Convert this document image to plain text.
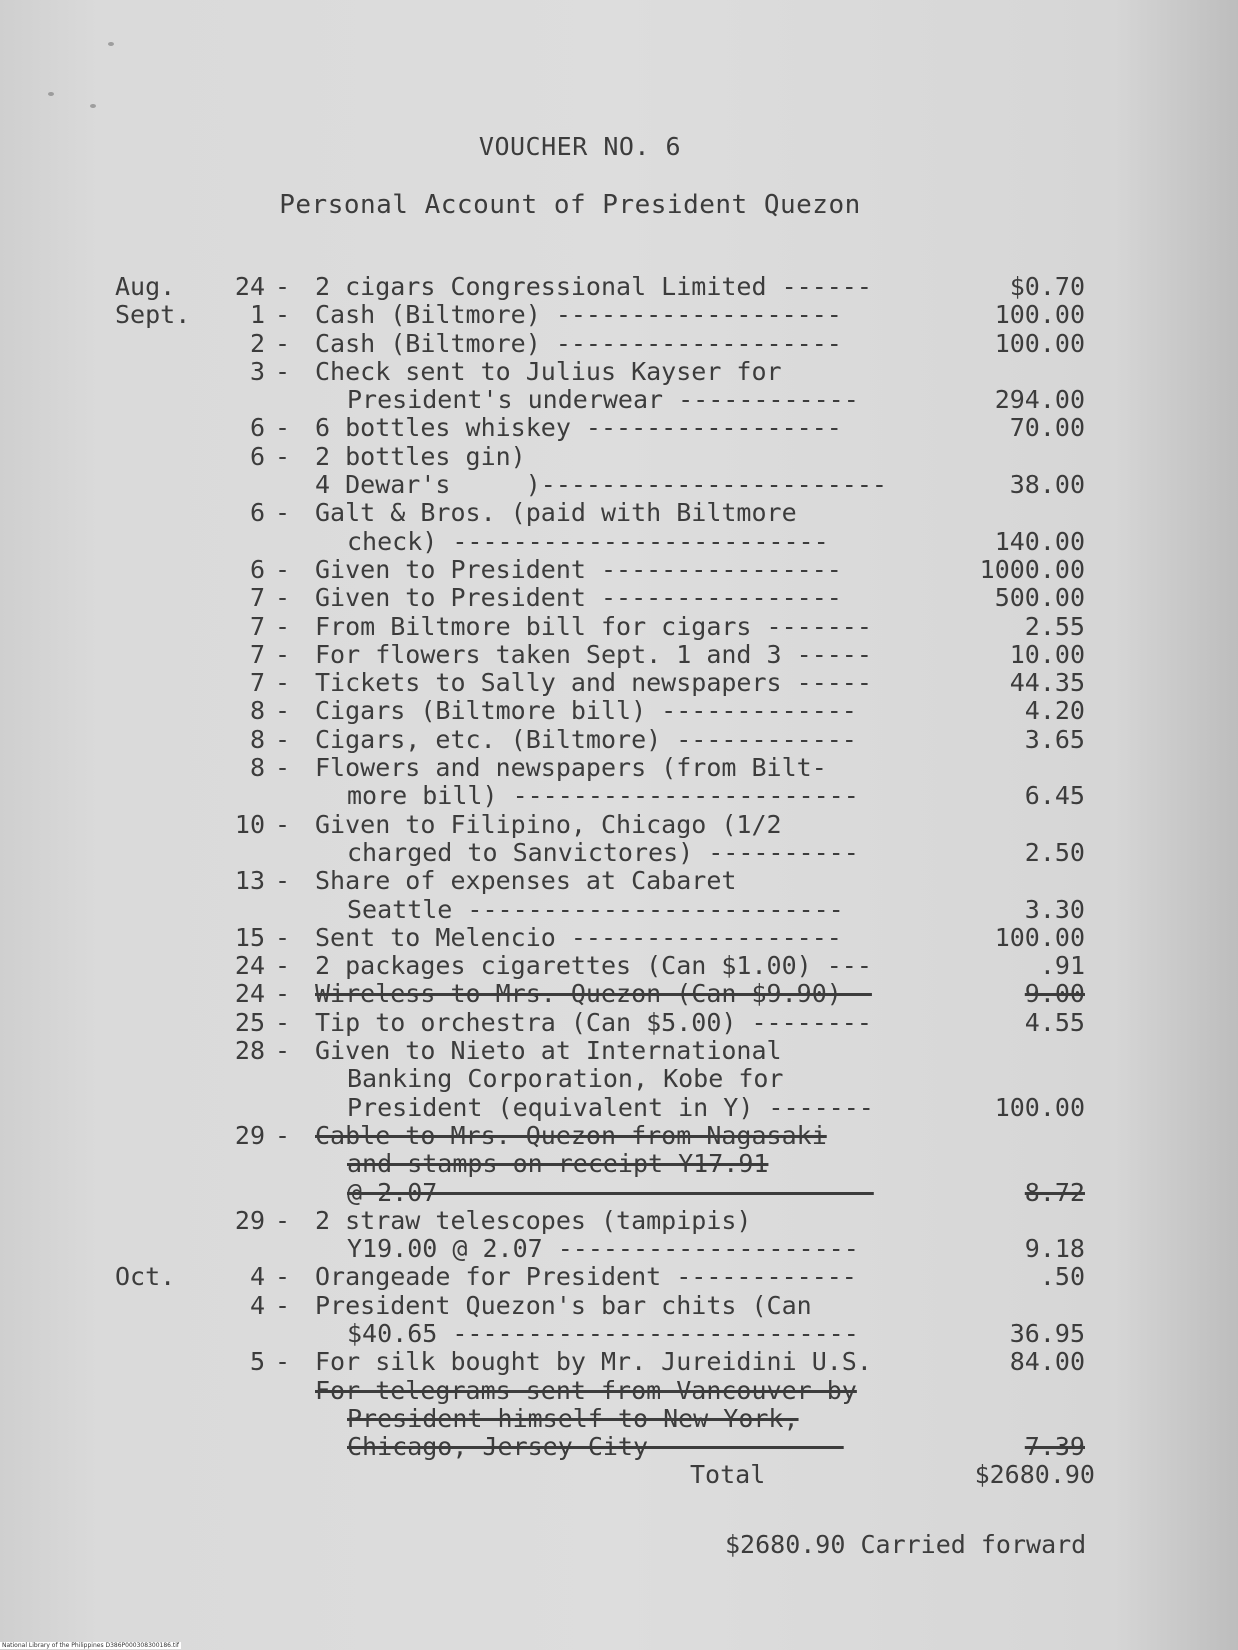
VOUCHER NO. 6
Personal Account of President Quezon
Aug.	24 - 2 cigars Congressional Limited ------	$0.70
Sept.	1 - Cash (Biltmore) -------------------	100.00
2 - Cash (Biltmore) -------------------	100.00
3 - Check sent to Julius Kayser for
President's underwear ------------	294.00
6 - 6 bottles whiskey -----------------	70.00
6 - 2 bottles gin)
4 Dewar's     )-----------------------	38.00
6 - Galt & Bros. (paid with Biltmore
check) -------------------------	140.00
6 - Given to President ----------------	1000.00
7 - Given to President ----------------	500.00
7 - From Biltmore bill for cigars -------	2.55
7 - For flowers taken Sept. 1 and 3 -----	10.00
7 - Tickets to Sally and newspapers -----	44.35
8 - Cigars (Biltmore bill) -------------	4.20
8 - Cigars, etc. (Biltmore) ------------	3.65
8 - Flowers and newspapers (from Bilt-
more bill) -----------------------	6.45
10 - Given to Filipino, Chicago (1/2
charged to Sanvictores) ----------	2.50
13 - Share of expenses at Cabaret
Seattle -------------------------	3.30
15 - Sent to Melencio ------------------	100.00
24 - 2 packages cigarettes (Can $1.00) ---	.91
24 - Wireless to Mrs. Quezon (Can $9.90) -	9.00
25 - Tip to orchestra (Can $5.00) --------	4.55
28 - Given to Nieto at International
Banking Corporation, Kobe for
President (equivalent in Y) -------	100.00
29 - Cable to Mrs. Quezon from Nagasaki
and stamps on receipt Y17.91
@ 2.07 ----------------------------	8.72
29 - 2 straw telescopes (tampipis)
Y19.00 @ 2.07 --------------------	9.18
Oct.	4 - Orangeade for President ------------	.50
4 - President Quezon's bar chits (Can
$40.65 ---------------------------	36.95
5 - For silk bought by Mr. Jureidini U.S.	84.00
For telegrams sent from Vancouver by
President himself to New York,
Chicago, Jersey City ------------	7.39
Total	$2680.90
$2680.90 Carried forward
National Library of the Philippines D386P000308300186.tif
